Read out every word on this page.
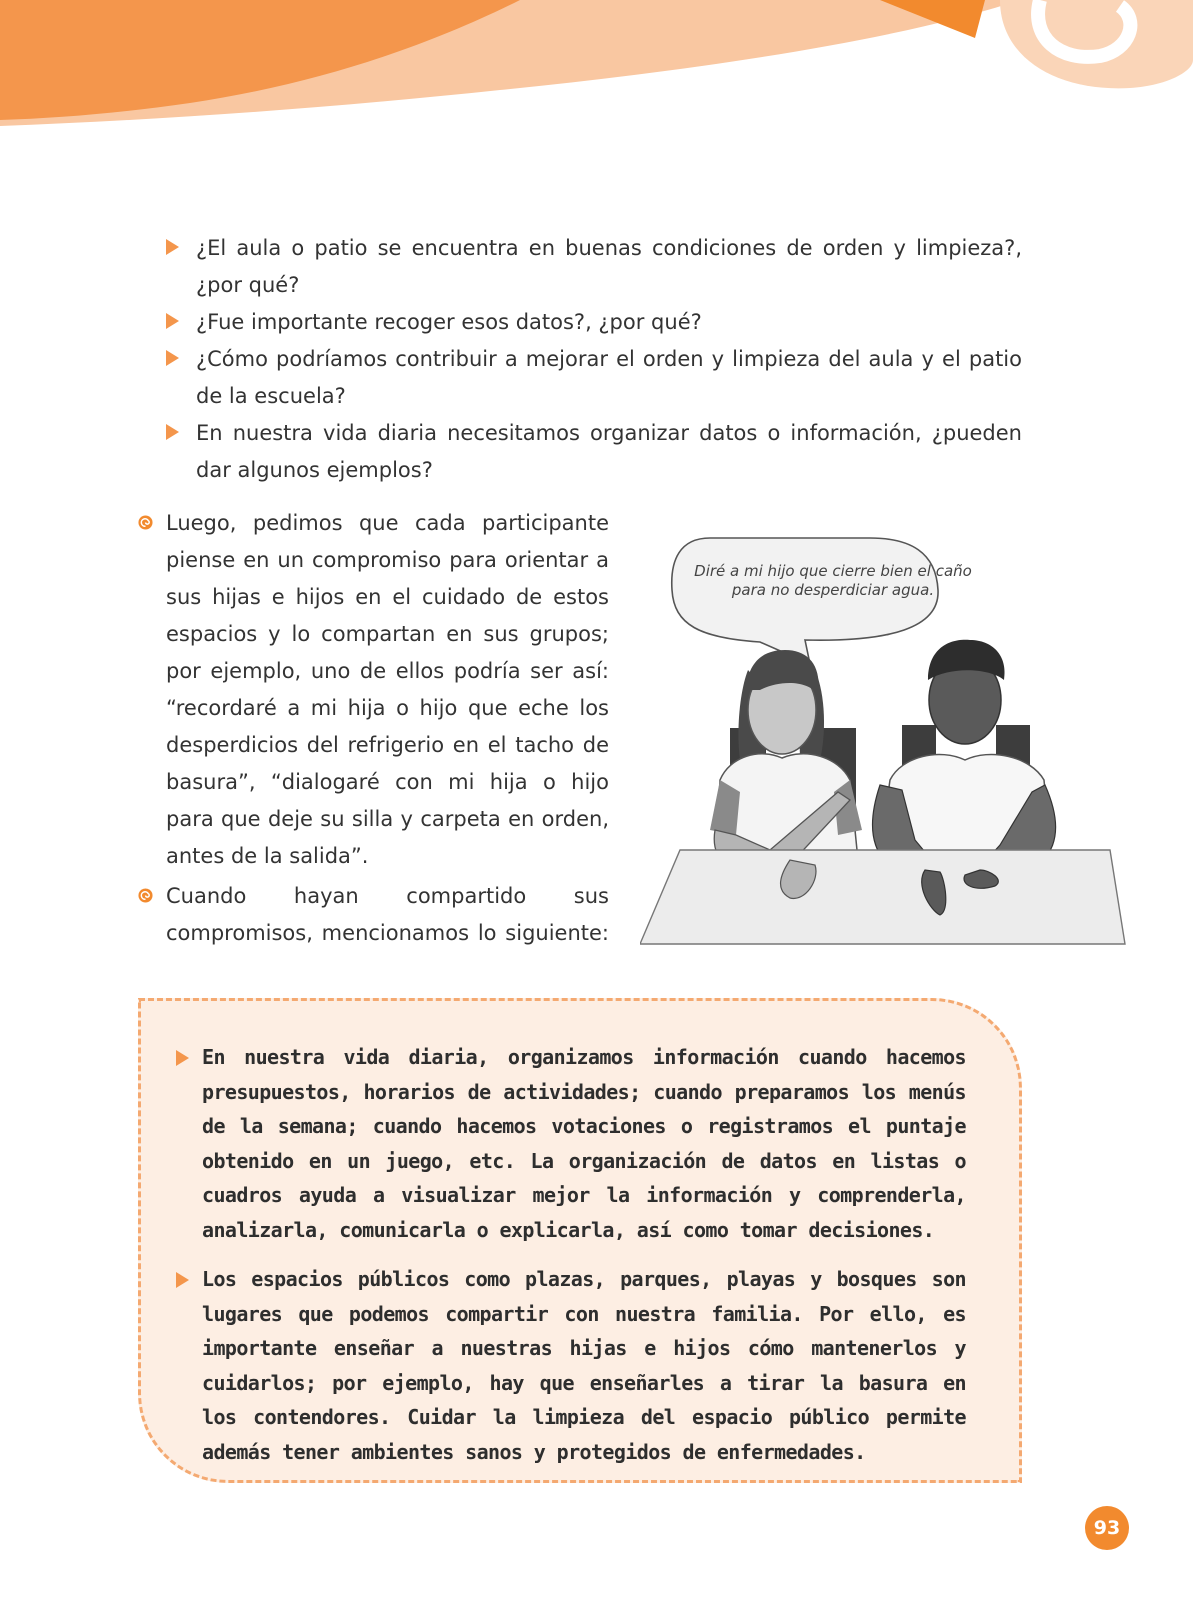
¿El aula o patio se encuentra en buenas condiciones de orden y limpieza?, ¿por qué?
¿Fue importante recoger esos datos?, ¿por qué?
¿Cómo podríamos contribuir a mejorar el orden y limpieza del aula y el patio de la escuela?
En nuestra vida diaria necesitamos organizar datos o información, ¿pueden dar algunos ejemplos?

Luego, pedimos que cada participante piense en un compromiso para orientar a sus hijas e hijos en el cuidado de estos espacios y lo compartan en sus grupos; por ejemplo, uno de ellos podría ser así: “recordaré a mi hija o hijo que eche los desperdicios del refrigerio en el tacho de basura”, “dialogaré con mi hija o hijo para que deje su silla y carpeta en orden, antes de la salida”.

Cuando hayan compartido sus compromisos, mencionamos lo siguiente:

Diré a mi hijo que cierre bien el caño para no desperdiciar agua.
En nuestra vida diaria, organizamos información cuando hacemos presupuestos, horarios de actividades; cuando preparamos los menús de la semana; cuando hacemos votaciones o registramos el puntaje obtenido en un juego, etc. La organización de datos en listas o cuadros ayuda a visualizar mejor la información y comprenderla, analizarla, comunicarla o explicarla, así como tomar decisiones.
Los espacios públicos como plazas, parques, playas y bosques son lugares que podemos compartir con nuestra familia. Por ello, es importante enseñar a nuestras hijas e hijos cómo mantenerlos y cuidarlos; por ejemplo, hay que enseñarles a tirar la basura en los contendores. Cuidar la limpieza del espacio público permite además tener ambientes sanos y protegidos de enfermedades.
93
